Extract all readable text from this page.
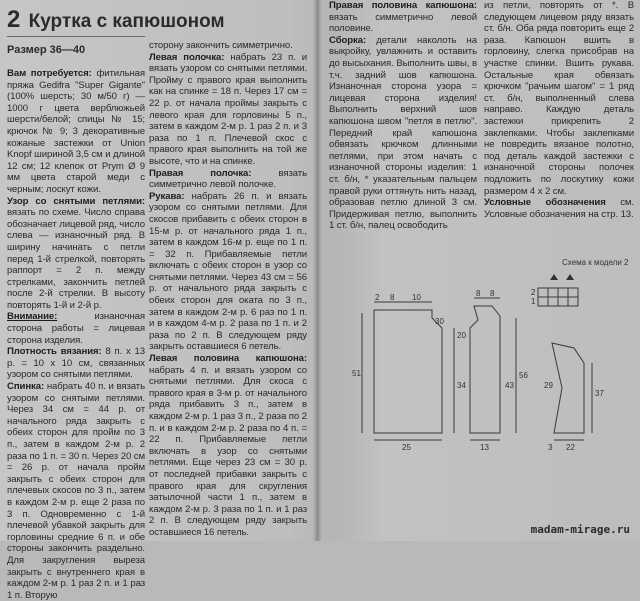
2 Куртка с капюшоном
Размер 36—40

Вам потребуется: фитильная пряжа Gedifra "Super Gigante" (100% шерсть; 30 м/50 г) — 1000 г цвета верблюжьей шерсти/белой; спицы № 15; крючок № 9; 3 декоративные кожаные застежки от Union Knopf шириной 3,5 см и длиной 12 см; 12 клепок от Prym Ø 9 мм цвета старой меди с черным; лоскут кожи.

Узор со снятыми петлями: вязать по схеме. Число справа обозначает лицевой ряд, число слева — изнаночный ряд. В ширину начинать с петли перед 1-й стрелкой, повторять раппорт = 2 п. между стрелками, закончить петлей после 2-й стрелки. В высоту повторять 1-й и 2-й р.

Внимание: изнаночная сторона работы = лицевая сторона изделия.

Плотность вязания: 8 п. х 13 р. = 10 х 10 см, связанных узором со снятыми петлями.

Спинка: набрать 40 п. и вязать узором со снятыми петлями. Через 34 см = 44 р. от начального ряда закрыть с обеих сторон для пройм по 3 п., затем в каждом 2-м р. 2 раза по 1 п. = 30 п. Через 20 см = 26 р. от начала пройм закрыть с обеих сторон для плечевых скосов по 3 п., затем в каждом 2-м р. еще 2 раза по 3 п. Одновременно с 1-й плечевой убавкой закрыть для горловины средние 6 п. и обе стороны закончить раздельно. Для закругления выреза закрыть с внутреннего края в каждом 2-м р. 1 раз 2 п. и 1 раз 1 п. Вторую

сторону закончить симметрично.

Левая полочка: набрать 23 п. и вязать узором со снятыми петлями. Пройму с правого края выполнить как на спинке = 18 п. Через 17 см = 22 р. от начала проймы закрыть с левого края для горловины 5 п., затем в каждом 2-м р. 1 раз 2 п. и 3 раза по 1 п. Плечевой скос с правого края выполнить на той же высоте, что и на спинке.

Правая полочка: вязать симметрично левой полочке.

Рукава: набрать 26 п. и вязать узором со снятыми петлями. Для скосов прибавить с обеих сторон в 15-м р. от начального ряда 1 п., затем в каждом 16-м р. еще по 1 п. = 32 п. Прибавляемые петли включать с обеих сторон в узор со снятыми петлями. Через 43 см = 56 р. от начального ряда закрыть с обеих сторон для оката по 3 п., затем в каждом 2-м р. 6 раз по 1 п. и в каждом 4-м р. 2 раза по 1 п. и 2 раза по 2 п. В следующем ряду закрыть оставшиеся 6 петель.

Левая половина капюшона: набрать 4 п. и вязать узором со снятыми петлями. Для скоса с правого края в 3-м р. от начального ряда прибавить 3 п., затем в каждом 2-м р. 1 раз 3 п., 2 раза по 2 п. и в каждом 2-м р. 2 раза по 4 п. = 22 п. Прибавляемые петли включать в узор со снятыми петлями. Еще через 23 см = 30 р. от последней прибавки закрыть с правого края для скругления затылочной части 1 п., затем в каждом 2-м р. 3 раза по 1 п. и 1 раз 2 п. В следующем ряду закрыть оставшиеся 16 петель.

Правая половина капюшона: вязать симметрично левой половине.

Сборка: детали наколоть на выкройку, увлажнить и оставить до высыхания. Выполнить швы, в т.ч. задний шов капюшона. Изнаночная сторона узора = лицевая сторона изделия! Выполнить верхний шов капюшона швом "петля в петлю". Передний край капюшона обвязать крючком длинными петлями, при этом начать с изнаночной стороны изделия: 1 ст. б/н, * указательным пальцем правой руки оттянуть нить назад, образовав петлю длиной 3 см. Придерживая петлю, выполнить 1 ст. б/н, палец освободить

из петли, повторять от *. В следующем лицевом ряду вязать ст. б/н. Оба ряда повторить еще 2 раза. Капюшон вшить в горловину, слегка присобрав на участке спинки. Вшить рукава. Остальные края обвязать крючком "рачьим шагом" = 1 ряд ст. б/н, выполненный слева направо. Каждую деталь застежки прикрепить 2 заклепками. Чтобы заклепками не повредить вязаное полотно, под деталь каждой застежки с изнаночной стороны полочек подложить по лоскутику кожи размером 4 х 2 см.

Условные обозначения см. Условные обозначения на стр. 13.

Схема к модели 2
2
1
2 8 10
51
34
20
30
25
8 8
13
43
56
37
3 22
29
madam-mirage.ru
